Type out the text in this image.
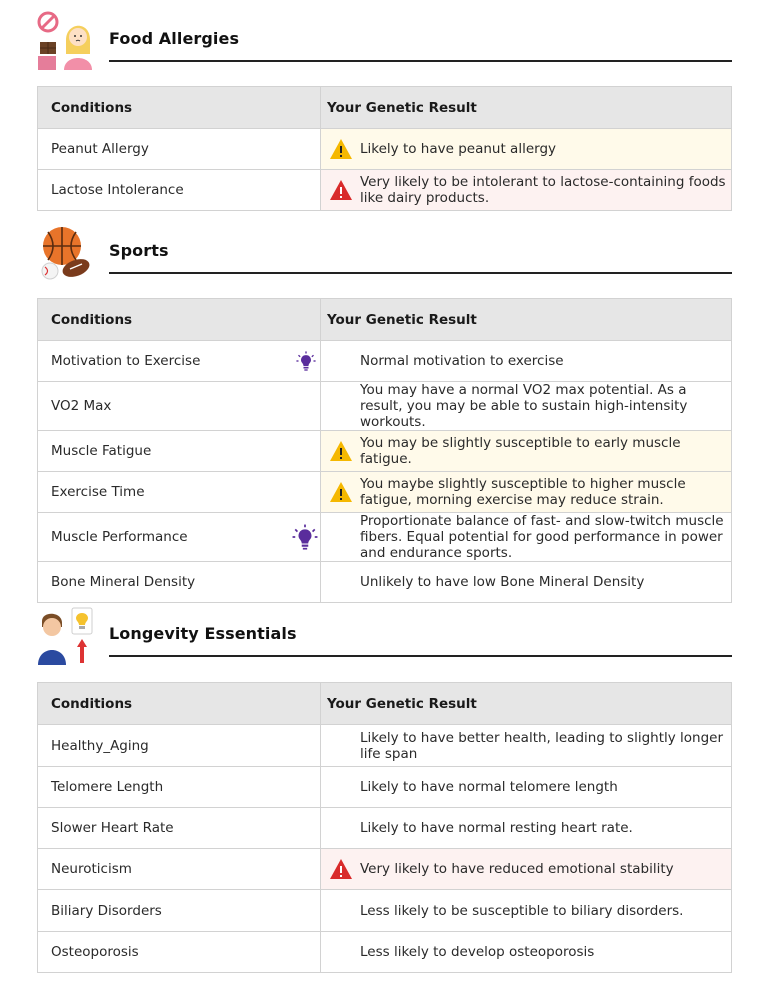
Food Allergies
Conditions	Your Genetic Result
Peanut Allergy	Likely to have peanut allergy
Lactose Intolerance	Very likely to be intolerant to lactose-containing foods like dairy products.
Sports
Conditions	Your Genetic Result
Motivation to Exercise	Normal motivation to exercise
VO2 Max	You may have a normal VO2 max potential. As a result, you may be able to sustain high-intensity workouts.
Muscle Fatigue	You may be slightly susceptible to early muscle fatigue.
Exercise Time	You maybe slightly susceptible to higher muscle fatigue, morning exercise may reduce strain.
Muscle Performance	Proportionate balance of fast- and slow-twitch muscle fibers. Equal potential for good performance in power and endurance sports.
Bone Mineral Density	Unlikely to have low Bone Mineral Density
Longevity Essentials
Conditions	Your Genetic Result
Healthy_Aging	Likely to have better health, leading to slightly longer life span
Telomere Length	Likely to have normal telomere length
Slower Heart Rate	Likely to have normal resting heart rate.
Neuroticism	Very likely to have reduced emotional stability
Biliary Disorders	Less likely to be susceptible to biliary disorders.
Osteoporosis	Less likely to develop osteoporosis
